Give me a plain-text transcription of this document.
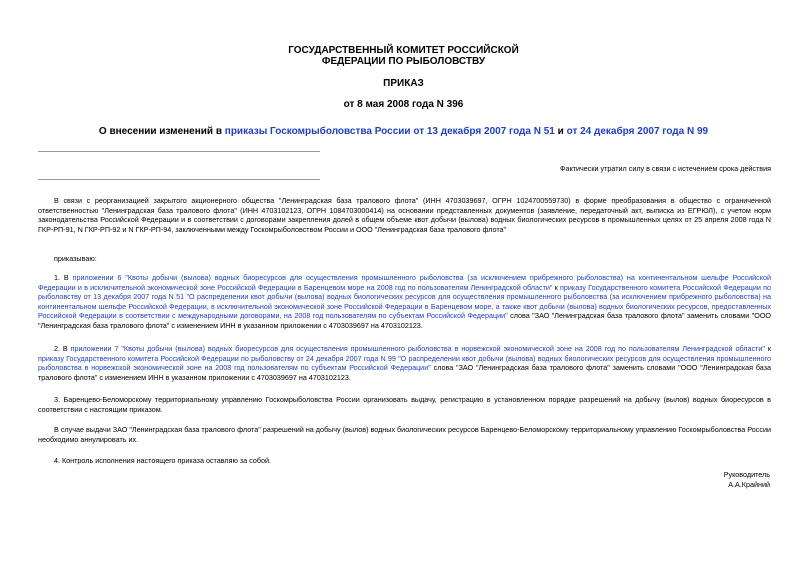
ГОСУДАРСТВЕННЫЙ КОМИТЕТ РОССИЙСКОЙ
ФЕДЕРАЦИИ ПО РЫБОЛОВСТВУ
ПРИКАЗ
от 8 мая 2008 года N 396
О внесении изменений в приказы Госкомрыболовства России от 13 декабря 2007 года N 51 и от 24 декабря 2007 года N 99
Фактически утратил силу в связи с истечением срока действия

В связи с реорганизацией закрытого акционерного общества "Ленинградская база тралового флота" (ИНН 4703039697, ОГРН 1024700559730) в форме преобразования в общество с ограниченной ответственностью "Ленинградская база тралового флота" (ИНН 4703102123, ОГРН 1084703000414) на основании представленных документов (заявление, передаточный акт, выписка из ЕГРЮЛ), с учетом норм законодательства Российской Федерации и в соответствии с договорами закрепления долей в общем объеме квот добычи (вылова) водных биологических ресурсов в промышленных целях от 25 апреля 2008 года N ГКР-РП-91, N ГКР-РП-92 и N ГКР-РП-94, заключенными между Госкомрыболовством России и ООО "Ленинградская база тралового флота"

приказываю:

1. В приложении 6 "Квоты добычи (вылова) водных биоресурсов для осуществления промышленного рыболовства (за исключением прибрежного рыболовства) на континентальном шельфе Российской Федерации и в исключительной экономической зоне Российской Федерации в Баренцевом море на 2008 год по пользователям Ленинградской области" к приказу Государственного комитета Российской Федерации по рыболовству от 13 декабря 2007 года N 51 "О распределении квот добычи (вылова) водных биологических ресурсов для осуществления промышленного рыболовства (за исключением прибрежного рыболовства) на континентальном шельфе Российской Федерации, в исключительной экономической зоне Российской Федерации в Баренцевом море, а также квот добычи (вылова) водных биологических ресурсов, предоставленных Российской Федерации в соответствии с международными договорами, на 2008 год пользователям по субъектам Российской Федерации" слова "ЗАО "Ленинградская база тралового флота" заменить словами "ООО "Ленинградская база тралового флота" с изменением ИНН в указанном приложении с 4703039697 на 4703102123.

2. В приложении 7 "Квоты добычи (вылова) водных биоресурсов для осуществления промышленного рыболовства в норвежской экономической зоне на 2008 год по пользователям Ленинградской области" к приказу Государственного комитета Российской Федерации по рыболовству от 24 декабря 2007 года N 99 "О распределении квот добычи (вылова) водных биологических ресурсов для осуществления промышленного рыболовства в норвежской экономической зоне на 2008 год пользователям по субъектам Российской Федерации" слова "ЗАО "Ленинградская база тралового флота" заменить словами "ООО "Ленинградская база тралового флота" с изменением ИНН в указанном приложении с 4703039697 на 4703102123.

3. Баренцево-Беломорскому территориальному управлению Госкомрыболовства России организовать выдачу, регистрацию в установленном порядке разрешений на добычу (вылов) водных биоресурсов в соответствии с настоящим приказом.

В случае выдачи ЗАО "Ленинградская база тралового флота" разрешений на добычу (вылов) водных биологических ресурсов Баренцево-Беломорскому территориальному управлению Госкомрыболовства России необходимо аннулировать их.

4. Контроль исполнения настоящего приказа оставляю за собой.

Руководитель
А.А.Крайний
